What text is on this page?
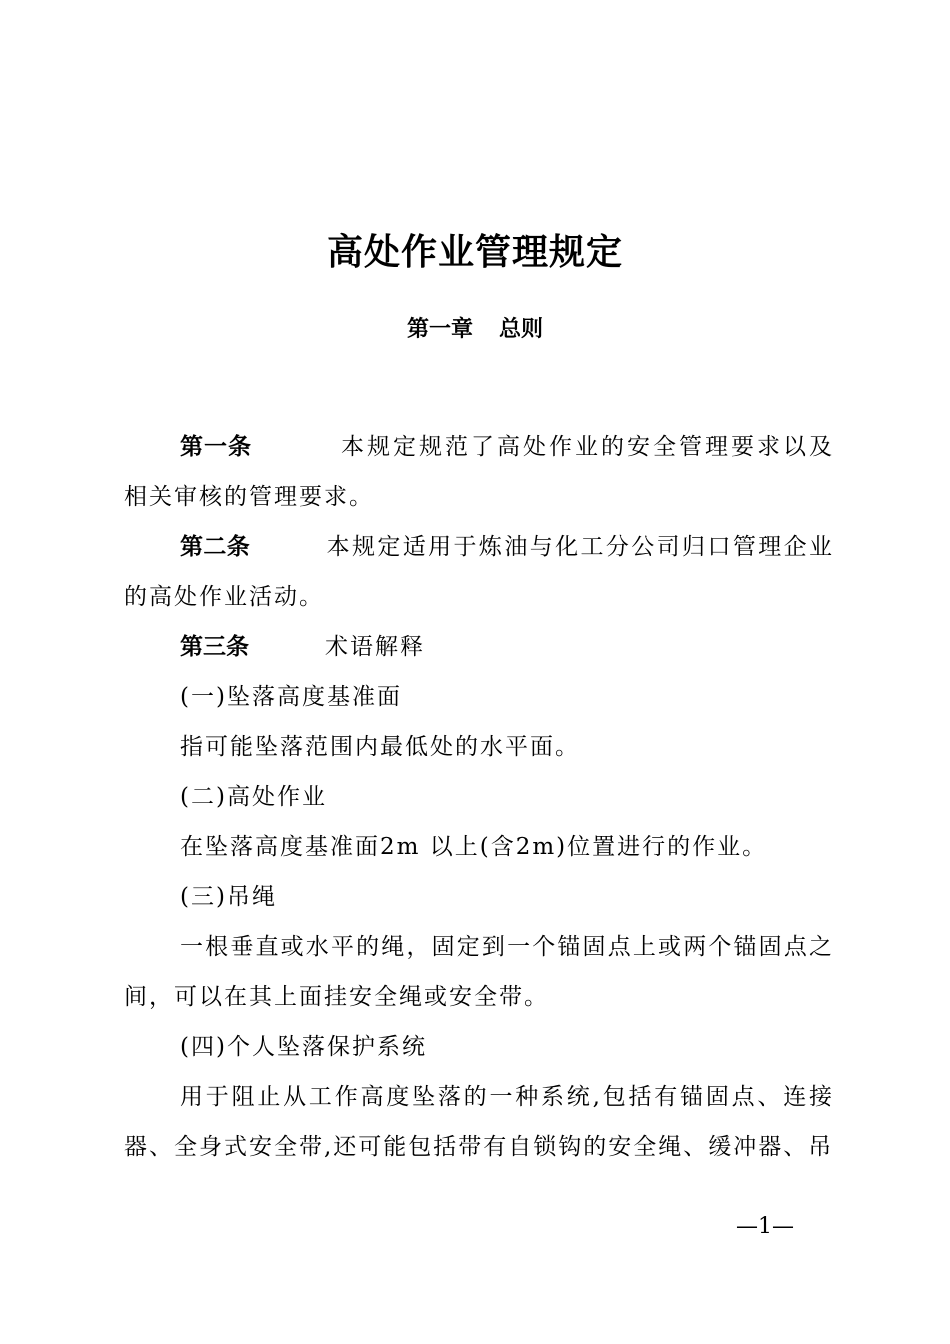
高处作业管理规定
第一章 总则

第一条	本规定规范了高处作业的安全管理要求以及相关审核的管理要求。

第二条	本规定适用于炼油与化工分公司归口管理企业的高处作业活动。

第三条	术语解释

(一)坠落高度基准面

指可能坠落范围内最低处的水平面。

(二)高处作业

在坠落高度基准面2m 以上(含2m)位置进行的作业。

(三)吊绳

一根垂直或水平的绳，固定到一个锚固点上或两个锚固点之间，可以在其上面挂安全绳或安全带。

(四)个人坠落保护系统

用于阻止从工作高度坠落的一种系统,包括有锚固点、连接器、全身式安全带,还可能包括带有自锁钩的安全绳、缓冲器、吊

—1—
